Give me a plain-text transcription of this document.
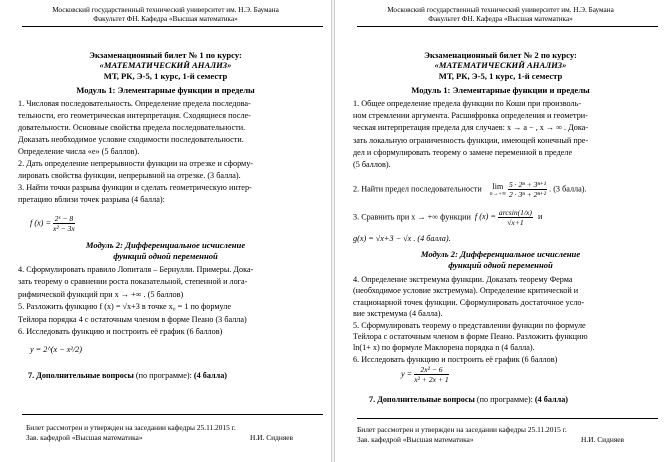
Московский государственный технический университет им. Н.Э. Баумана
Факультет ФН. Кафедра «Высшая математика»
Экзаменационный билет № 1 по курсу:
«МАТЕМАТИЧЕСКИЙ АНАЛИЗ»
МТ, РК, Э-5, 1 курс, 1-й семестр
Модуль 1: Элементарные функции и пределы
1. Числовая последовательность. Определение предела последова-
тельности, его геометрическая интерпретация. Сходящиеся после-
довательности. Основные свойства предела последовательности.
Доказать необходимое условие сходимости последовательности.
Определение числа «е» (5 баллов).
2. Дать определение непрерывности функции на отрезке и сформу-
лировать свойства функции, непрерывной на отрезке. (3 балла).
3. Найти точки разрыва функции и сделать геометрическую интер-
претацию вблизи точек разрыва (4 балла):
f $(x) = \frac{\text{2ˣ − 8}}{\text{x² − 3x}}$
Модуль 2: Дифференциальное исчисление
функций одной переменной
4. Сформулировать правило Лопиталя – Бернулли. Примеры. Дока-
зать теорему о сравнении роста показательной, степенной и лога-
рифмической функций при x → +∞ . (5 баллов)
5. Разложить функцию f (x) = √x+3 в точке x₀ = 1 по формуле
Тейлора порядка 4 с остаточным членом в форме Пеано (3 балла)
6. Исследовать функцию и построить её график (6 баллов)
y = 2^(x − x²/2)
7. Дополнительные вопросы (по программе): (4 балла)
Билет рассмотрен и утвержден на заседании кафедры 25.11.2015 г.
Зав. кафедрой «Высшая математика»	Н.И. Сидняев
Московский государственный технический университет им. Н.Э. Баумана
Факультет ФН. Кафедра «Высшая математика»
Экзаменационный билет № 2 по курсу:
«МАТЕМАТИЧЕСКИЙ АНАЛИЗ»
МТ, РК, Э-5, 1 курс, 1-й семестр
Модуль 1: Элементарные функции и пределы
1. Общее определение предела функции по Коши при произволь-
ном стремлении аргумента. Расшифровка определения и геометри-
ческая интерпретация предела для случаев: x → a − , x → ∞ . Дока-
зать локальную ограниченность функции, имеющей конечный пре-
дел и сформулировать теорему о замене переменной в пределе
(5 баллов).
2. Найти предел последовательности	lim
n→+∞
$\frac{\text{5 · 2ⁿ + 3ⁿ⁺¹}}{\text{2 · 3ⁿ + 2ⁿ⁺²}}$ . (3 балла).
3. Сравнить при x → +∞ функции f $(x) = \frac{\arcsin(1/x)}{√x+1}$ и
g(x) = √x+3 − √x . (4 балла).
Модуль 2: Дифференциальное исчисление
функций одной переменной
4. Определение экстремума функции. Доказать теорему Ферма
(необходимое условие экстремума). Определение критической и
стационарной точек функции. Сформулировать достаточное усло-
вие экстремума (4 балла).
5. Сформулировать теорему о представлении функции по формуле
Тейлора с остаточным членом в форме Пеано. Разложить функцию
ln(1+ x) по формуле Маклорена порядка n (4 балла).
6. Исследовать функцию и построить её график (6 баллов)
$y = \frac{\text{2x² − 6}}{\text{x² + 2x + 1}}$
7. Дополнительные вопросы (по программе): (4 балла)
Билет рассмотрен и утвержден на заседании кафедры 25.11.2015 г.
Зав. кафедрой «Высшая математика»	Н.И. Сидняев
